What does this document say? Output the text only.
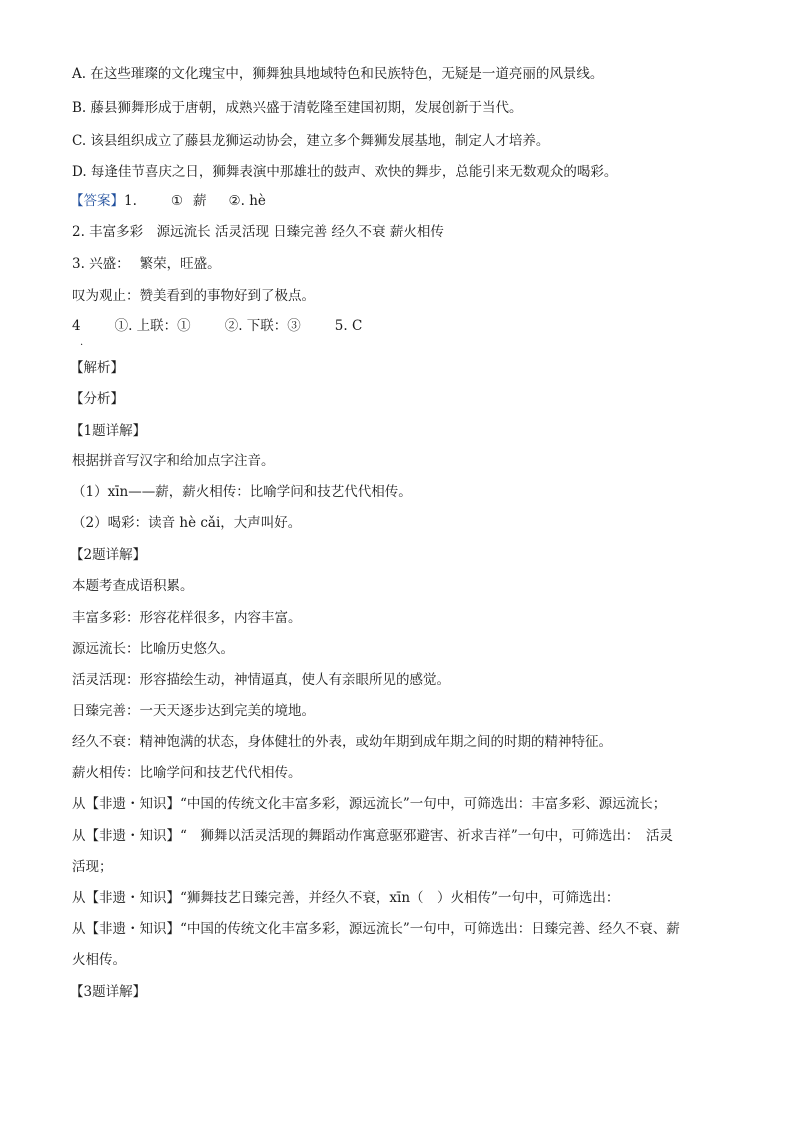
A. 在这些璀璨的文化瑰宝中，狮舞独具地域特色和民族特色，无疑是一道亮丽的风景线。
B. 藤县狮舞形成于唐朝，成熟兴盛于清乾隆至建国初期，发展创新于当代。
C. 该县组织成立了藤县龙狮运动协会，建立多个舞狮发展基地，制定人才培养。
D. 每逢佳节喜庆之日，狮舞表演中那雄壮的鼓声、欢快的舞步，总能引来无数观众的喝彩。
【答案】1.	① 薪 ②. hè
2. 丰富多彩　源远流长 活灵活现 日臻完善 经久不衰 薪火相传
3. 兴盛： 繁荣，旺盛。
叹为观止：赞美看到的事物好到了极点。
4	①. 上联：①	②. 下联：③	5. C
.
【解析】
【分析】
【1题详解】
根据拼音写汉字和给加点字注音。
（1）xīn——薪，薪火相传：比喻学问和技艺代代相传。
（2）喝彩：读音 hè cǎi，大声叫好。
【2题详解】
本题考查成语积累。
丰富多彩：形容花样很多，内容丰富。
源远流长：比喻历史悠久。
活灵活现：形容描绘生动，神情逼真，使人有亲眼所见的感觉。
日臻完善：一天天逐步达到完美的境地。
经久不衰：精神饱满的状态，身体健壮的外表，或幼年期到成年期之间的时期的精神特征。
薪火相传：比喻学问和技艺代代相传。
从【非遗・知识】“中国的传统文化丰富多彩，源远流长”一句中，可筛选出：丰富多彩、源远流长；
从【非遗・知识】“　狮舞以活灵活现的舞蹈动作寓意驱邪避害、祈求吉祥”一句中，可筛选出：　活灵
活现；
从【非遗・知识】“狮舞技艺日臻完善，并经久不衰，xīn（　）火相传”一句中，可筛选出：
从【非遗・知识】“中国的传统文化丰富多彩，源远流长”一句中，可筛选出：日臻完善、经久不衰、薪
火相传。
【3题详解】
